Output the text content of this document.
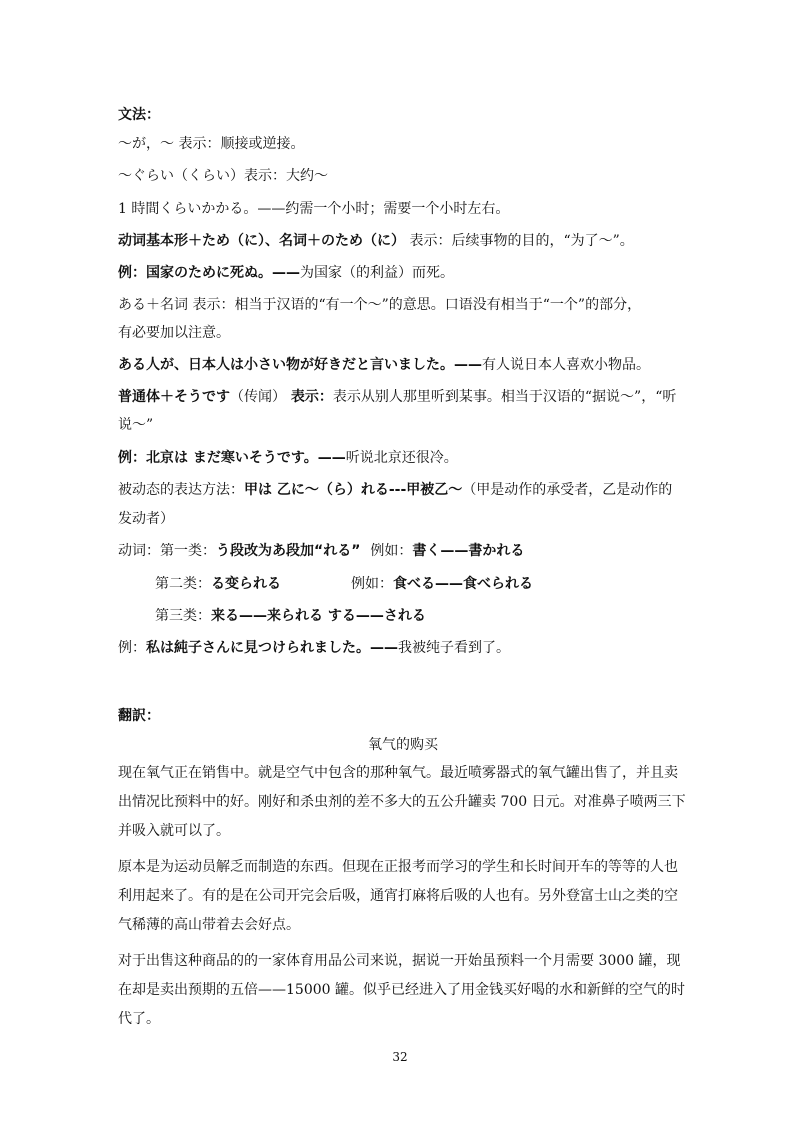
文法：
～が，～ 表示：顺接或逆接。
～ぐらい（くらい）表示：大约～
1 時間くらいかかる。——约需一个小时；需要一个小时左右。
动词基本形＋ため（に）、名词＋のため（に） 表示：后续事物的目的，“为了～”。
例：国家のために死ぬ。——为国家（的利益）而死。
ある＋名词 表示：相当于汉语的“有一个～”的意思。口语没有相当于“一个”的部分，
有必要加以注意。
ある人が、日本人は小さい物が好きだと言いました。——有人说日本人喜欢小物品。
普通体＋そうです（传闻） 表示：表示从别人那里听到某事。相当于汉语的“据说～”，“听
说～”
例：北京は まだ寒いそうです。——听说北京还很冷。
被动态的表达方法：甲は 乙に～（ら）れる---甲被乙～（甲是动作的承受者，乙是动作的
发动者）
动词：第一类：う段改为あ段加“れる” 例如：書く——書かれる
第二类：る变られる	例如：食べる——食べられる
第三类：来る——来られる する——される
例：私は純子さんに見つけられました。——我被纯子看到了。
翻訳：
氧气的购买
现在氧气正在销售中。就是空气中包含的那种氧气。最近喷雾器式的氧气罐出售了，并且卖
出情况比预料中的好。刚好和杀虫剂的差不多大的五公升罐卖 700 日元。对准鼻子喷两三下
并吸入就可以了。
原本是为运动员解乏而制造的东西。但现在正报考而学习的学生和长时间开车的等等的人也
利用起来了。有的是在公司开完会后吸，通宵打麻将后吸的人也有。另外登富士山之类的空
气稀薄的高山带着去会好点。
对于出售这种商品的的一家体育用品公司来说，据说一开始虽预料一个月需要 3000 罐，现
在却是卖出预期的五倍——15000 罐。似乎已经进入了用金钱买好喝的水和新鲜的空气的时
代了。
32
